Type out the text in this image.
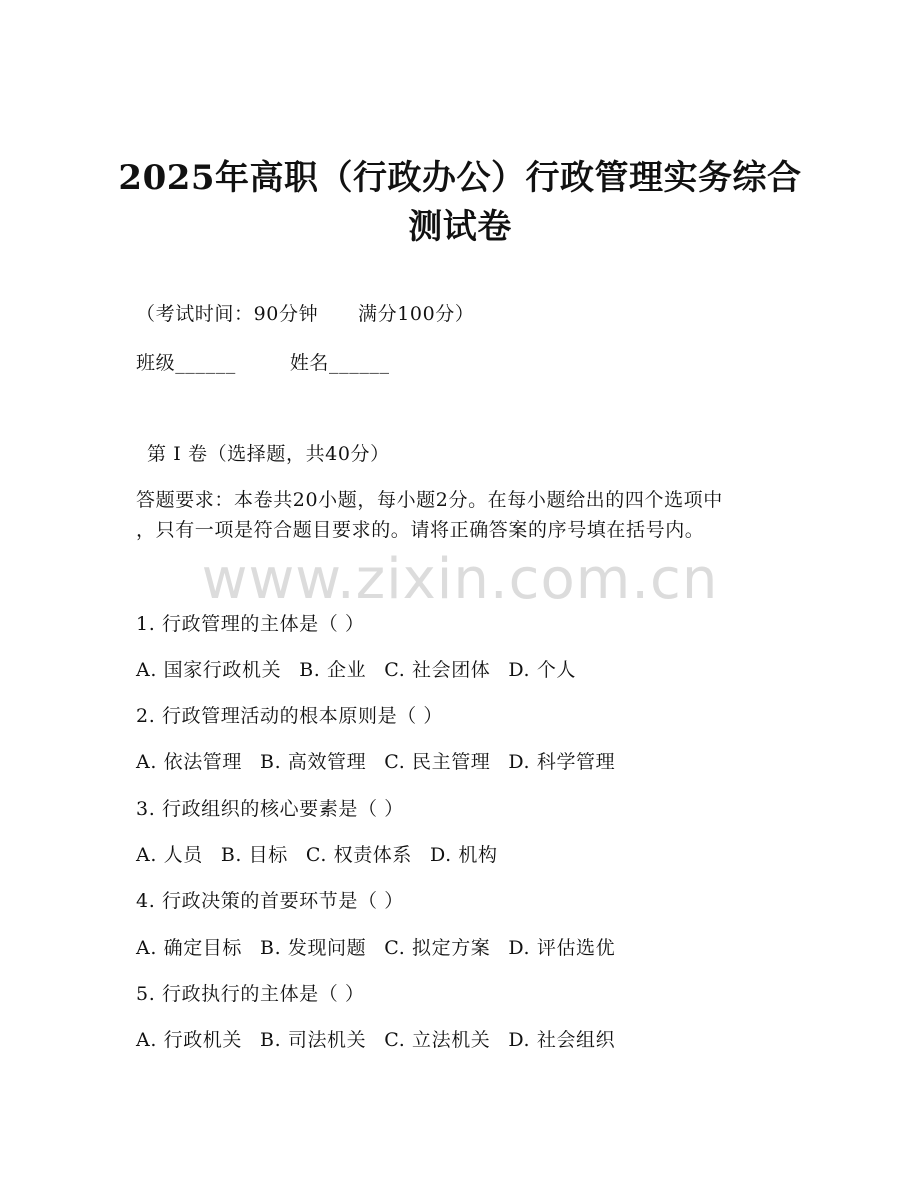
2025年高职（行政办公）行政管理实务综合
测试卷
（考试时间：90分钟      满分100分）
班级______	姓名______
第 I 卷（选择题，共40分）
答题要求：本卷共20小题，每小题2分。在每小题给出的四个选项中
，只有一项是符合题目要求的。请将正确答案的序号填在括号内。
www.zixin.com.cn
1. 行政管理的主体是（ ）
A. 国家行政机关 B. 企业 C. 社会团体 D. 个人
2. 行政管理活动的根本原则是（ ）
A. 依法管理 B. 高效管理 C. 民主管理 D. 科学管理
3. 行政组织的核心要素是（ ）
A. 人员 B. 目标 C. 权责体系 D. 机构
4. 行政决策的首要环节是（ ）
A. 确定目标 B. 发现问题 C. 拟定方案 D. 评估选优
5. 行政执行的主体是（ ）
A. 行政机关 B. 司法机关 C. 立法机关 D. 社会组织
